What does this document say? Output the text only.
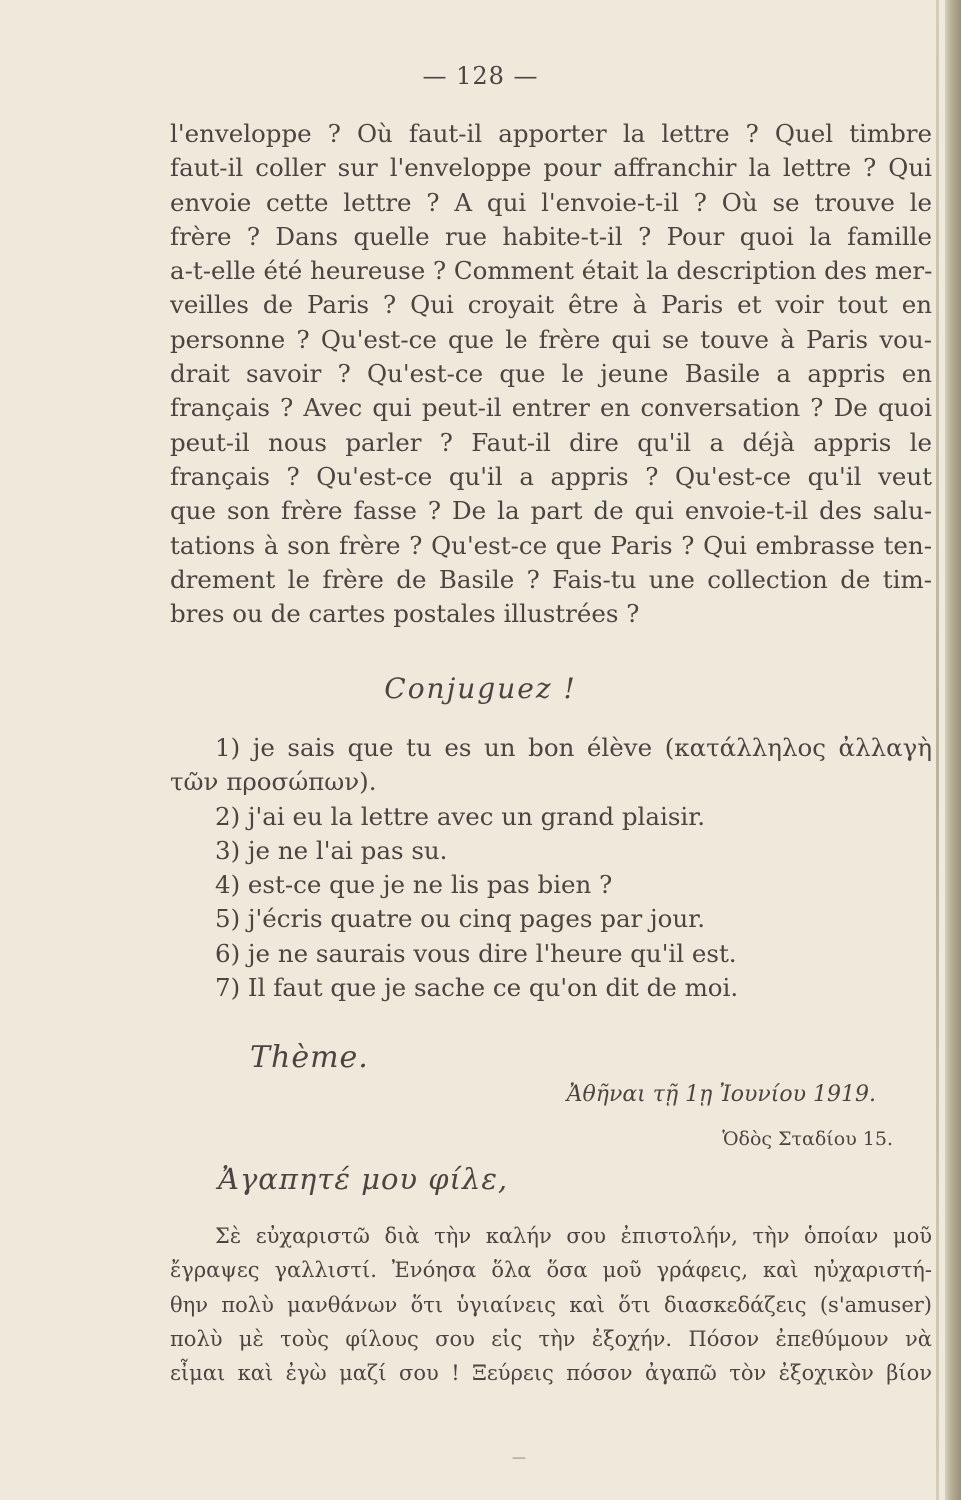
— 128 —
l'enveloppe ? Où faut-il apporter la lettre ? Quel timbre
faut-il coller sur l'enveloppe pour affranchir la lettre ? Qui
envoie cette lettre ? A qui l'envoie-t-il ? Où se trouve le
frère ? Dans quelle rue habite-t-il ? Pour quoi la famille
a-t-elle été heureuse ? Comment était la description des mer-
veilles de Paris ? Qui croyait être à Paris et voir tout en
personne ? Qu'est-ce que le frère qui se touve à Paris vou-
drait savoir ? Qu'est-ce que le jeune Basile a appris en
français ? Avec qui peut-il entrer en conversation ? De quoi
peut-il nous parler ? Faut-il dire qu'il a déjà appris le
français ? Qu'est-ce qu'il a appris ? Qu'est-ce qu'il veut
que son frère fasse ? De la part de qui envoie-t-il des salu-
tations à son frère ? Qu'est-ce que Paris ? Qui embrasse ten-
drement le frère de Basile ? Fais-tu une collection de tim-
bres ou de cartes postales illustrées ?
Conjuguez !
1) je sais que tu es un bon élève (κατάλληλος ἀλλαγὴ
τῶν προσώπων).
2) j'ai eu la lettre avec un grand plaisir.
3) je ne l'ai pas su.
4) est-ce que je ne lis pas bien ?
5) j'écris quatre ou cinq pages par jour.
6) je ne saurais vous dire l'heure qu'il est.
7) Il faut que je sache ce qu'on dit de moi.
Thème.
Ἀθῆναι τῇ 1ῃ Ἰουνίου 1919.
Ὁδὸς Σταδίου 15.
Ἀγαπητέ μου φίλε,
Σὲ εὐχαριστῶ διὰ τὴν καλήν σου ἐπιστολήν, τὴν ὁποίαν μοῦ
ἔγραψες γαλλιστί. Ἐνόησα ὅλα ὅσα μοῦ γράφεις, καὶ ηὐχαριστή-
θην πολὺ μανθάνων ὅτι ὑγιαίνεις καὶ ὅτι διασκεδάζεις (s'amuser)
πολὺ μὲ τοὺς φίλους σου εἰς τὴν ἐξοχήν. Πόσον ἐπεθύμουν νὰ
εἶμαι καὶ ἐγὼ μαζί σου ! Ξεύρεις πόσον ἀγαπῶ τὸν ἐξοχικὸν βίον
—
